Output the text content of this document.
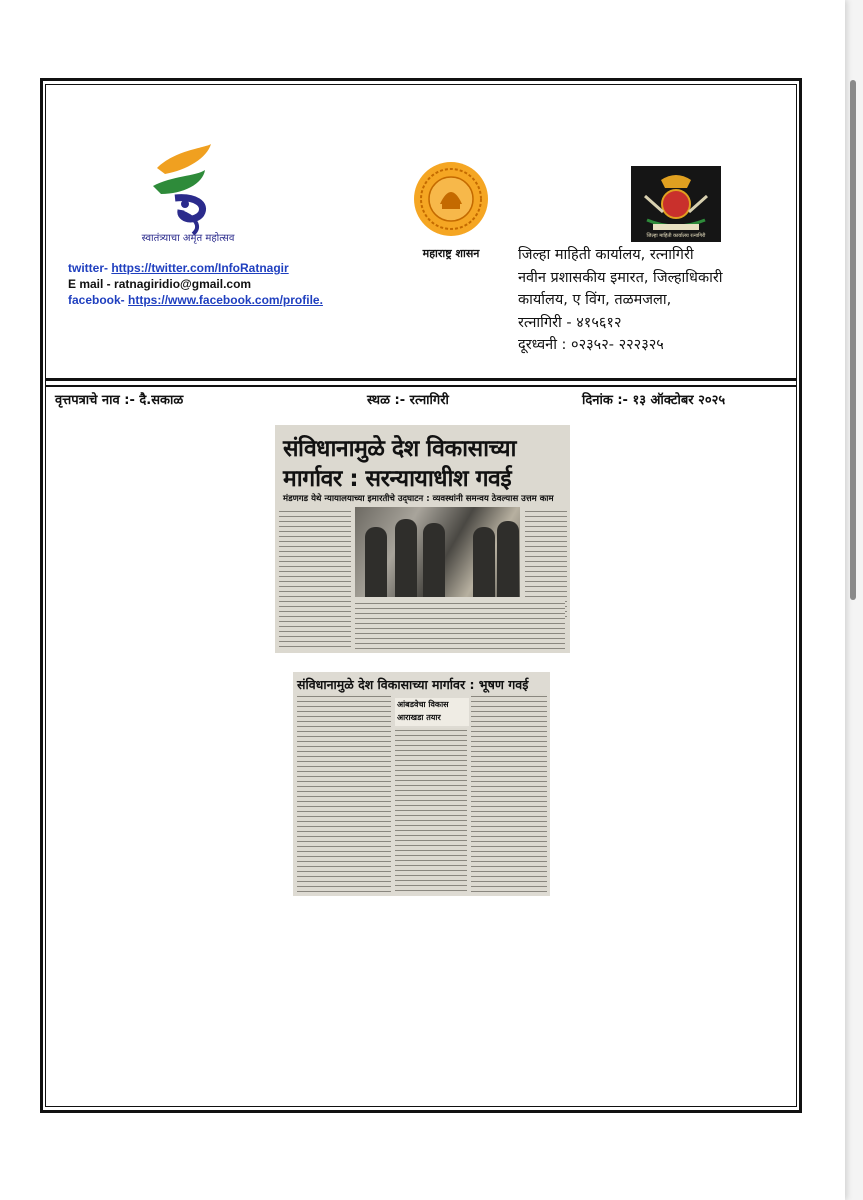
स्वातंत्र्याचा अमृत महोत्सव
महाराष्ट्र शासन
जिल्हा माहिती कार्यालय रत्नागिरी
twitter- https://twitter.com/InfoRatnagir
E mail - ratnagiridio@gmail.com
facebook- https://www.facebook.com/profile.
जिल्हा माहिती कार्यालय, रत्नागिरी
नवीन प्रशासकीय इमारत, जिल्हाधिकारी
कार्यालय, ए विंग, तळमजला,
रत्नागिरी - ४१५६१२
दूरध्वनी : ०२३५२- २२२३२५
वृत्तपत्राचे नाव :- दै.सकाळ	स्थळ :- रत्नागिरी	दिनांक :- १३ ऑक्टोबर २०२५
संविधानामुळे देश विकासाच्या
मार्गावर : सरन्यायाधीश गवई
मंडणगड येथे न्यायालयाच्या इमारतीचे उद्‍घाटन : व्यवस्थांनी समन्वय ठेवल्यास उत्तम काम
संविधानामुळे देश विकासाच्या मार्गावर : भूषण गवई
आंबडवेचा विकास
आराखडा तयार
